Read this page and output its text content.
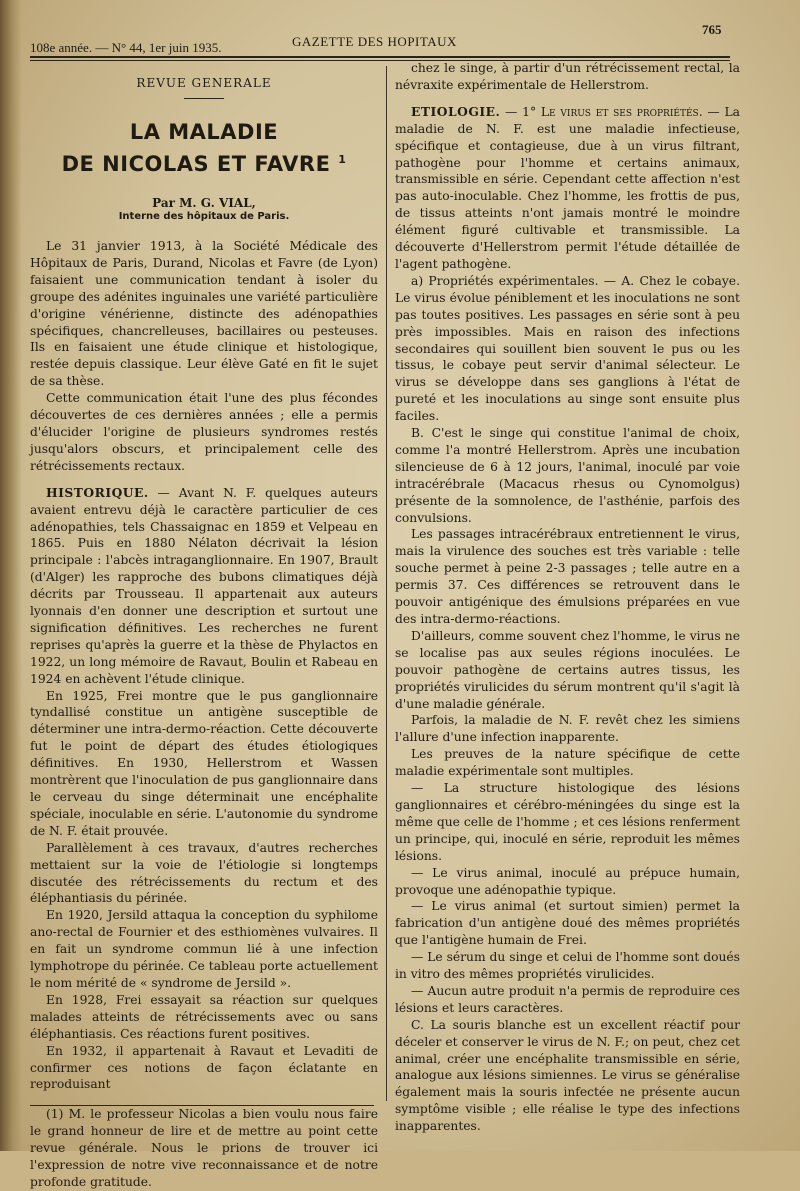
108e année. — N° 44, 1er juin 1935.	GAZETTE DES HOPITAUX
765
REVUE GENERALE
LA MALADIE
DE NICOLAS ET FAVRE $^1$
Par M. G. VIAL,
Interne des hôpitaux de Paris.

Le 31 janvier 1913, à la Société Médicale des Hôpitaux de Paris, Durand, Nicolas et Favre (de Lyon) faisaient une communication tendant à isoler du groupe des adénites inguinales une variété particulière d'origine vénérienne, distincte des adénopathies spécifiques, chancrelleuses, bacillaires ou pesteuses. Ils en faisaient une étude clinique et histologique, restée depuis classique. Leur élève Gaté en fit le sujet de sa thèse.

Cette communication était l'une des plus fécondes découvertes de ces dernières années ; elle a permis d'élucider l'origine de plusieurs syndromes restés jusqu'alors obscurs, et principalement celle des rétrécissements rectaux.

HISTORIQUE. — Avant N. F. quelques auteurs avaient entrevu déjà le caractère particulier de ces adénopathies, tels Chassaignac en 1859 et Velpeau en 1865. Puis en 1880 Nélaton décrivait la lésion principale : l'abcès intraganglionnaire. En 1907, Brault (d'Alger) les rapproche des bubons climatiques déjà décrits par Trousseau. Il appartenait aux auteurs lyonnais d'en donner une description et surtout une signification définitives. Les recherches ne furent reprises qu'après la guerre et la thèse de Phylactos en 1922, un long mémoire de Ravaut, Boulin et Rabeau en 1924 en achèvent l'étude clinique.

En 1925, Frei montre que le pus ganglionnaire tyndallisé constitue un antigène susceptible de déterminer une intra-dermo-réaction. Cette découverte fut le point de départ des études étiologiques définitives. En 1930, Hellerstrom et Wassen montrèrent que l'inoculation de pus ganglionnaire dans le cerveau du singe déterminait une encéphalite spéciale, inoculable en série. L'autonomie du syndrome de N. F. était prouvée.

Parallèlement à ces travaux, d'autres recherches mettaient sur la voie de l'étiologie si longtemps discutée des rétrécissements du rectum et des éléphantiasis du périnée.

En 1920, Jersild attaqua la conception du syphilome ano-rectal de Fournier et des esthiomènes vulvaires. Il en fait un syndrome commun lié à une infection lymphotrope du périnée. Ce tableau porte actuellement le nom mérité de « syndrome de Jersild ».

En 1928, Frei essayait sa réaction sur quelques malades atteints de rétrécissements avec ou sans éléphantiasis. Ces réactions furent positives.

En 1932, il appartenait à Ravaut et Levaditi de confirmer ces notions de façon éclatante en reproduisant

(1) M. le professeur Nicolas a bien voulu nous faire le grand honneur de lire et de mettre au point cette revue générale. Nous le prions de trouver ici l'expression de notre vive reconnaissance et de notre profonde gratitude.

chez le singe, à partir d'un rétrécissement rectal, la névraxite expérimentale de Hellerstrom.

ETIOLOGIE. — 1° Le virus et ses propriétés. — La maladie de N. F. est une maladie infectieuse, spécifique et contagieuse, due à un virus filtrant, pathogène pour l'homme et certains animaux, transmissible en série. Cependant cette affection n'est pas auto-inoculable. Chez l'homme, les frottis de pus, de tissus atteints n'ont jamais montré le moindre élément figuré cultivable et transmissible. La découverte d'Hellerstrom permit l'étude détaillée de l'agent pathogène.

a) Propriétés expérimentales. — A. Chez le cobaye. Le virus évolue péniblement et les inoculations ne sont pas toutes positives. Les passages en série sont à peu près impossibles. Mais en raison des infections secondaires qui souillent bien souvent le pus ou les tissus, le cobaye peut servir d'animal sélecteur. Le virus se développe dans ses ganglions à l'état de pureté et les inoculations au singe sont ensuite plus faciles.

B. C'est le singe qui constitue l'animal de choix, comme l'a montré Hellerstrom. Après une incubation silencieuse de 6 à 12 jours, l'animal, inoculé par voie intracérébrale (Macacus rhesus ou Cynomolgus) présente de la somnolence, de l'asthénie, parfois des convulsions.

Les passages intracérébraux entretiennent le virus, mais la virulence des souches est très variable : telle souche permet à peine 2-3 passages ; telle autre en a permis 37. Ces différences se retrouvent dans le pouvoir antigénique des émulsions préparées en vue des intra-dermo-réactions.

D'ailleurs, comme souvent chez l'homme, le virus ne se localise pas aux seules régions inoculées. Le pouvoir pathogène de certains autres tissus, les propriétés virulicides du sérum montrent qu'il s'agit là d'une maladie générale.

Parfois, la maladie de N. F. revêt chez les simiens l'allure d'une infection inapparente.

Les preuves de la nature spécifique de cette maladie expérimentale sont multiples.

— La structure histologique des lésions ganglionnaires et cérébro-méningées du singe est la même que celle de l'homme ; et ces lésions renferment un principe, qui, inoculé en série, reproduit les mêmes lésions.

— Le virus animal, inoculé au prépuce humain, provoque une adénopathie typique.

— Le virus animal (et surtout simien) permet la fabrication d'un antigène doué des mêmes propriétés que l'antigène humain de Frei.

— Le sérum du singe et celui de l'homme sont doués in vitro des mêmes propriétés virulicides.

— Aucun autre produit n'a permis de reproduire ces lésions et leurs caractères.

C. La souris blanche est un excellent réactif pour déceler et conserver le virus de N. F.; on peut, chez cet animal, créer une encéphalite transmissible en série, analogue aux lésions simiennes. Le virus se généralise également mais la souris infectée ne présente aucun symptôme visible ; elle réalise le type des infections inapparentes.
